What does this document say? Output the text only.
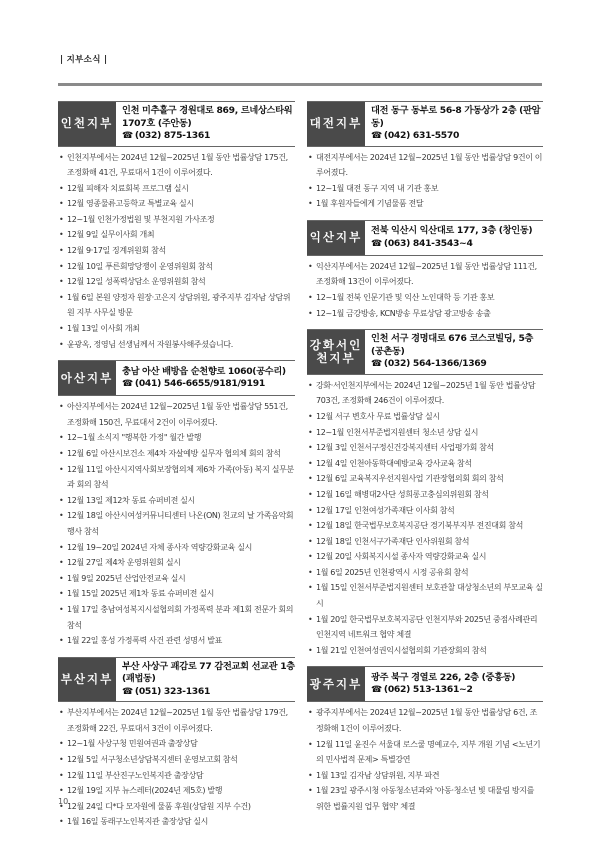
| 지부소식 |
인천지부
인천 미추홀구 경원대로 869, 르네상스타워 1707호 (주안동)
☎ (032) 875-1361
• 인천지부에서는 2024년 12월~2025년 1월 동안 법률상담 175건, 조정화해 41건, 무료대서 1건이 이루어졌다.
• 12월 피해자 치료회복 프로그램 실시
• 12월 영종물류고등학교 특별교육 실시
• 12~1월 인천가정법원 및 부천지원 가사조정
• 12월 9일 실무이사회 개최
• 12월 9·17일 징계위원회 참석
• 12월 10일 푸른회망당쟁이 운영위원회 참석
• 12월 12일 성폭력상담소 운영위원회 참석
• 1월 6일 본원 양정자 원장·고은지 상담위원, 광주지부 김자남 상담위원 지부 사무실 방문
• 1월 13일 이사회 개최
• 윤광옥, 정영님 선생님께서 자원봉사해주셨습니다.
아산지부 충남 아산 배방읍 순천향로 1060(공수리)
☎ (041) 546-6655/9181/9191
• 아산지부에서는 2024년 12월~2025년 1월 동안 법률상담 551건, 조정화해 150건, 무료대서 2건이 이루어졌다.
• 12~1월 소식지 "행복한 가정" 월간 발행
• 12월 6일 아산시보건소 제4차 자살예방 실무자 협의체 회의 참석
• 12월 11일 아산시지역사회보장협의체 제6차 가족(아동) 복지 실무분과 회의 참석
• 12월 13일 제12차 동료 슈퍼비전 실시
• 12월 18일 아산시여성커뮤니티센터 나온(ON) 친교의 날 가족음악회 행사 참석
• 12월 19~20일 2024년 자체 종사자 역량강화교육 실시
• 12월 27일 제4차 운영위원회 실시
• 1월 9일 2025년 산업안전교육 실시
• 1월 15일 2025년 제1차 동료 슈퍼비전 실시
• 1월 17일 충남여성복지시설협의회 가정폭력 분과 제1회 전문가 회의 참석
• 1월 22일 홍성 가정폭력 사건 관련 성명서 발표
부산지부
부산 사상구 괘감로 77 감전교회 선교관 1층 (괘법동)
☎ (051) 323-1361
• 부산지부에서는 2024년 12월~2025년 1월 동안 법률상담 179건, 조정화해 22건, 무료대서 3건이 이루어졌다.
• 12~1월 사상구청 민원여권과 출장상담
• 12월 5일 서구청소년상담복지센터 운영보고회 참석
• 12월 11일 부산진구노인복지관 출장상담
• 12월 19일 지부 뉴스레터(2024년 제5호) 발행
• 12월 24일 디*다 모자원에 물품 후원(상담원 지부 수건)
• 1월 16일 동래구노인복지관 출장상담 실시
대전지부
대전 동구 동부로 56-8 가동상가 2층 (판암동)
☎ (042) 631-5570
• 대전지부에서는 2024년 12월~2025년 1월 동안 법률상담 9건이 이루어졌다.
• 12~1월 대전 동구 지역 내 기관 홍보
• 1월 후원자들에게 기념물품 전달
익산지부 전북 익산시 익산대로 177, 3층 (창인동)
☎ (063) 841-3543~4
• 익산지부에서는 2024년 12월~2025년 1월 동안 법률상담 111건, 조정화해 13건이 이루어졌다.
• 12~1월 전북 인문기관 및 익산 노인대학 등 기관 홍보
• 12~1월 금강방송, KCN방송 무료상담 광고방송 송출
강화서인천지부
인천 서구 경명대로 676 코스코빌딩, 5층 (공촌동)
☎ (032) 564-1366/1369
• 강화·서인천지부에서는 2024년 12월~2025년 1월 동안 법률상담 703건, 조정화해 246건이 이루어졌다.
• 12월 서구 변호사 무료 법률상담 실시
• 12~1월 인천서부준법지원센터 청소년 상담 실시
• 12월 3일 인천서구정신건강복지센터 사업평가회 참석
• 12월 4일 인천아동학대예방교육 강사교육 참석
• 12월 6일 교육복지우선지원사업 기관장협의회 회의 참석
• 12월 16일 해병대2사단 성희롱고충심의위원회 참석
• 12월 17일 인천여성가족재단 이사회 참석
• 12월 18일 한국법무보호복지공단 경기북부지부 전진대회 참석
• 12월 18일 인천서구가족재단 인사위원회 참석
• 12월 20일 사회복지시설 종사자 역량강화교육 실시
• 1월 6일 2025년 인천광역시 시정 공유회 참석
• 1월 15일 인천서부준법지원센터 보호관찰 대상청소년의 부모교육 실시
• 1월 20일 한국법무보호복지공단 인천지부와 2025년 중점사례관리 인천지역 네트워크 협약 체결
• 1월 21일 인천여성권익시설협의회 기관장회의 참석
광주지부 광주 북구 경열로 226, 2층 (중흥동)
☎ (062) 513-1361~2
• 광주지부에서는 2024년 12월~2025년 1월 동안 법률상담 6건, 조정화해 1건이 이루어졌다.
• 12월 11일 윤진수 서울대 로스쿨 명예교수, 지부 개원 기념 <노년기의 민사법적 문제> 특별강연
• 1월 13일 김자남 상담위원, 지부 파견
• 1월 23일 광주시청 아동청소년과와 '아동·청소년 빛 대물림 방지를 위한 법률지원 업무 협약' 체결
10
